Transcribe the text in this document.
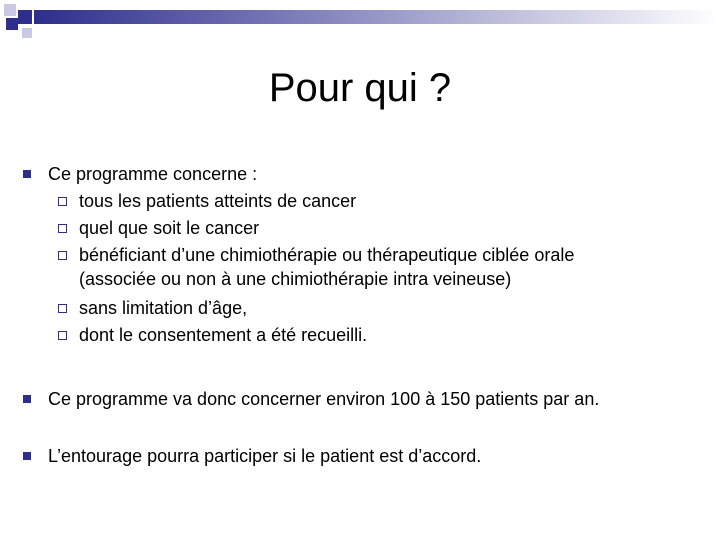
Pour qui ?
Ce programme concerne :
tous les patients atteints de cancer
quel que soit le cancer
bénéficiant d’une chimiothérapie ou thérapeutique ciblée orale
(associée ou non à une chimiothérapie intra veineuse)
sans limitation d’âge,
dont le consentement a été recueilli.
Ce programme va donc concerner environ 100 à 150 patients par an.
L’entourage pourra participer si le patient est d’accord.
